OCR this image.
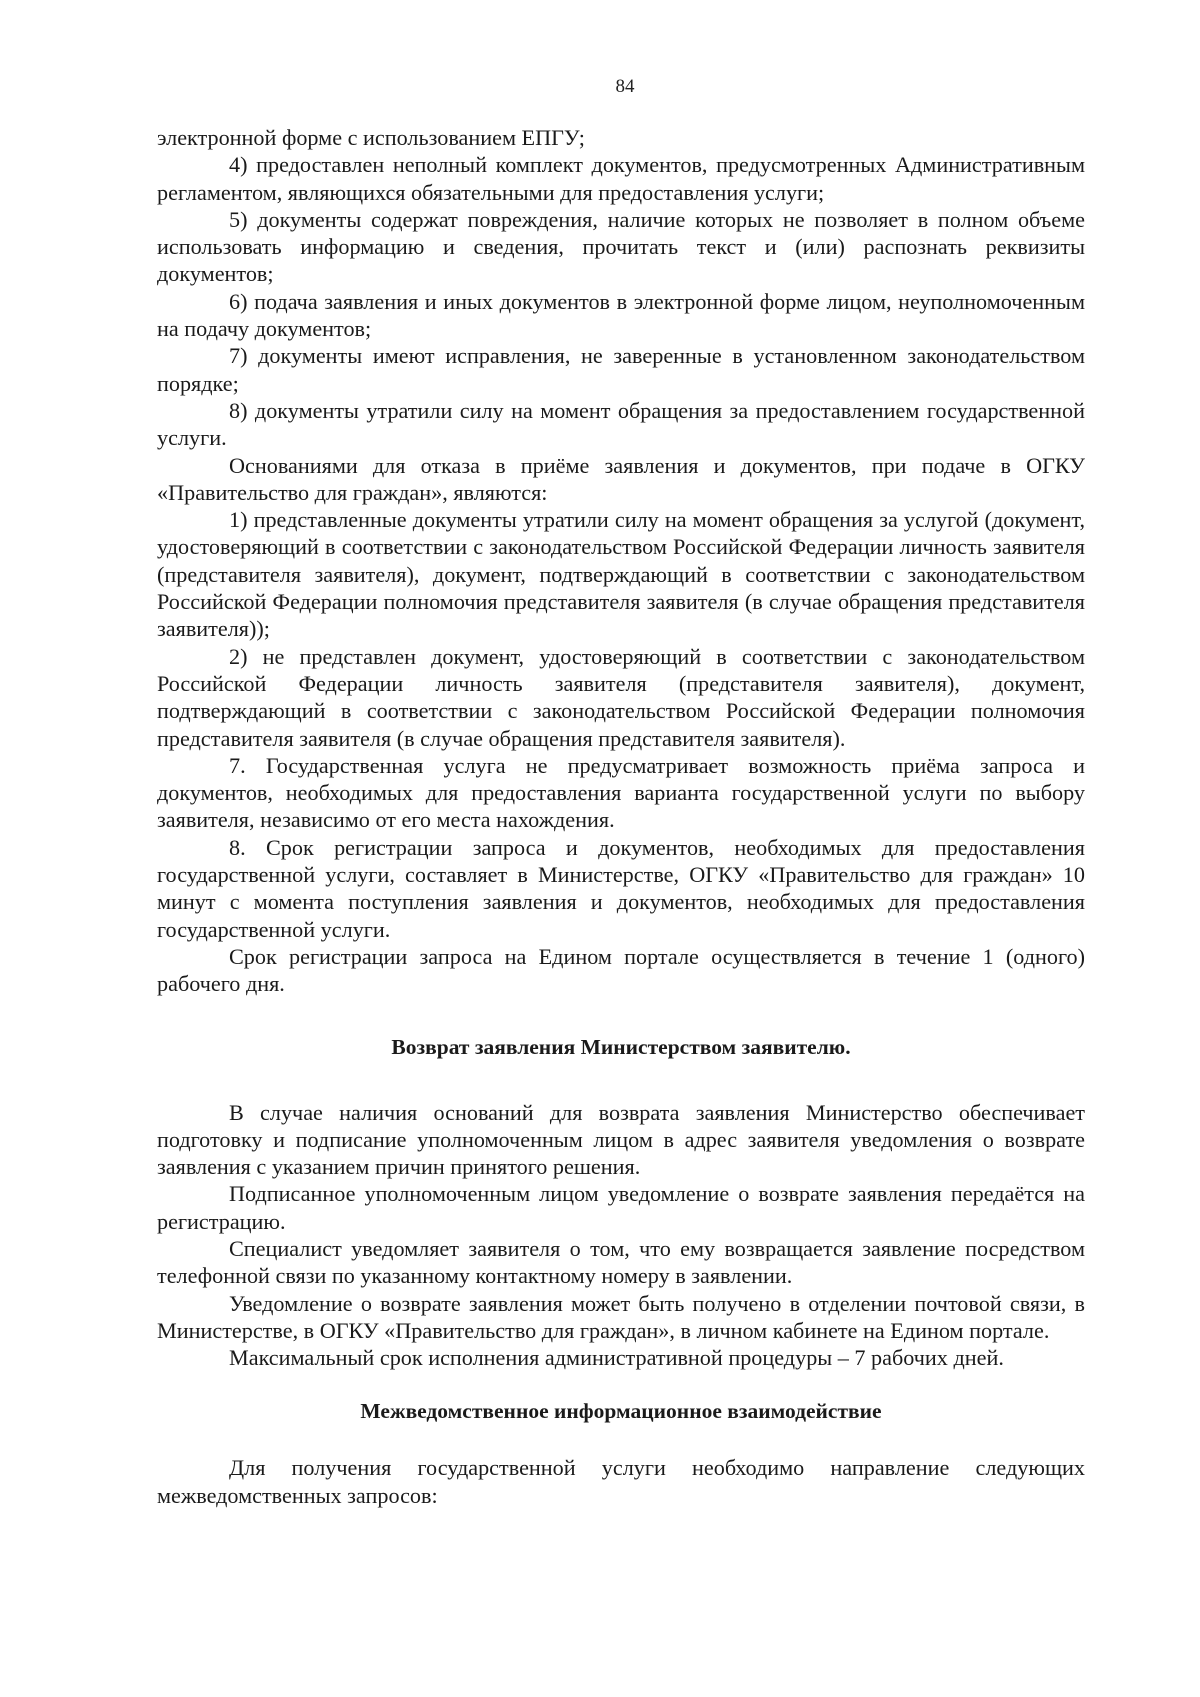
84

электронной форме с использованием ЕПГУ;

4) предоставлен неполный комплект документов, предусмотренных Административным регламентом, являющихся обязательными для предоставления услуги;

5) документы содержат повреждения, наличие которых не позволяет в полном объеме использовать информацию и сведения, прочитать текст и (или) распознать реквизиты документов;

6) подача заявления и иных документов в электронной форме лицом, неуполномоченным на подачу документов;

7) документы имеют исправления, не заверенные в установленном законодательством порядке;

8) документы утратили силу на момент обращения за предоставлением государственной услуги.

Основаниями для отказа в приёме заявления и документов, при подаче в ОГКУ «Правительство для граждан», являются:

1) представленные документы утратили силу на момент обращения за услугой (документ, удостоверяющий в соответствии с законодательством Российской Федерации личность заявителя (представителя заявителя), документ, подтверждающий в соответствии с законодательством Российской Федерации полномочия представителя заявителя (в случае обращения представителя заявителя));

2) не представлен документ, удостоверяющий в соответствии с законодательством Российской Федерации личность заявителя (представителя заявителя), документ, подтверждающий в соответствии с законодательством Российской Федерации полномочия представителя заявителя (в случае обращения представителя заявителя).

7. Государственная услуга не предусматривает возможность приёма запроса и документов, необходимых для предоставления варианта государственной услуги по выбору заявителя, независимо от его места нахождения.

8. Срок регистрации запроса и документов, необходимых для предоставления государственной услуги, составляет в Министерстве, ОГКУ «Правительство для граждан» 10 минут с момента поступления заявления и документов, необходимых для предоставления государственной услуги.

Срок регистрации запроса на Едином портале осуществляется в течение 1 (одного) рабочего дня.

Возврат заявления Министерством заявителю.

В случае наличия оснований для возврата заявления Министерство обеспечивает подготовку и подписание уполномоченным лицом в адрес заявителя уведомления о возврате заявления с указанием причин принятого решения.

Подписанное уполномоченным лицом уведомление о возврате заявления передаётся на регистрацию.

Специалист уведомляет заявителя о том, что ему возвращается заявление посредством телефонной связи по указанному контактному номеру в заявлении.

Уведомление о возврате заявления может быть получено в отделении почтовой связи, в Министерстве, в ОГКУ «Правительство для граждан», в личном кабинете на Едином портале.

Максимальный срок исполнения административной процедуры – 7 рабочих дней.

Межведомственное информационное взаимодействие

Для получения государственной услуги необходимо направление следующих межведомственных запросов:
